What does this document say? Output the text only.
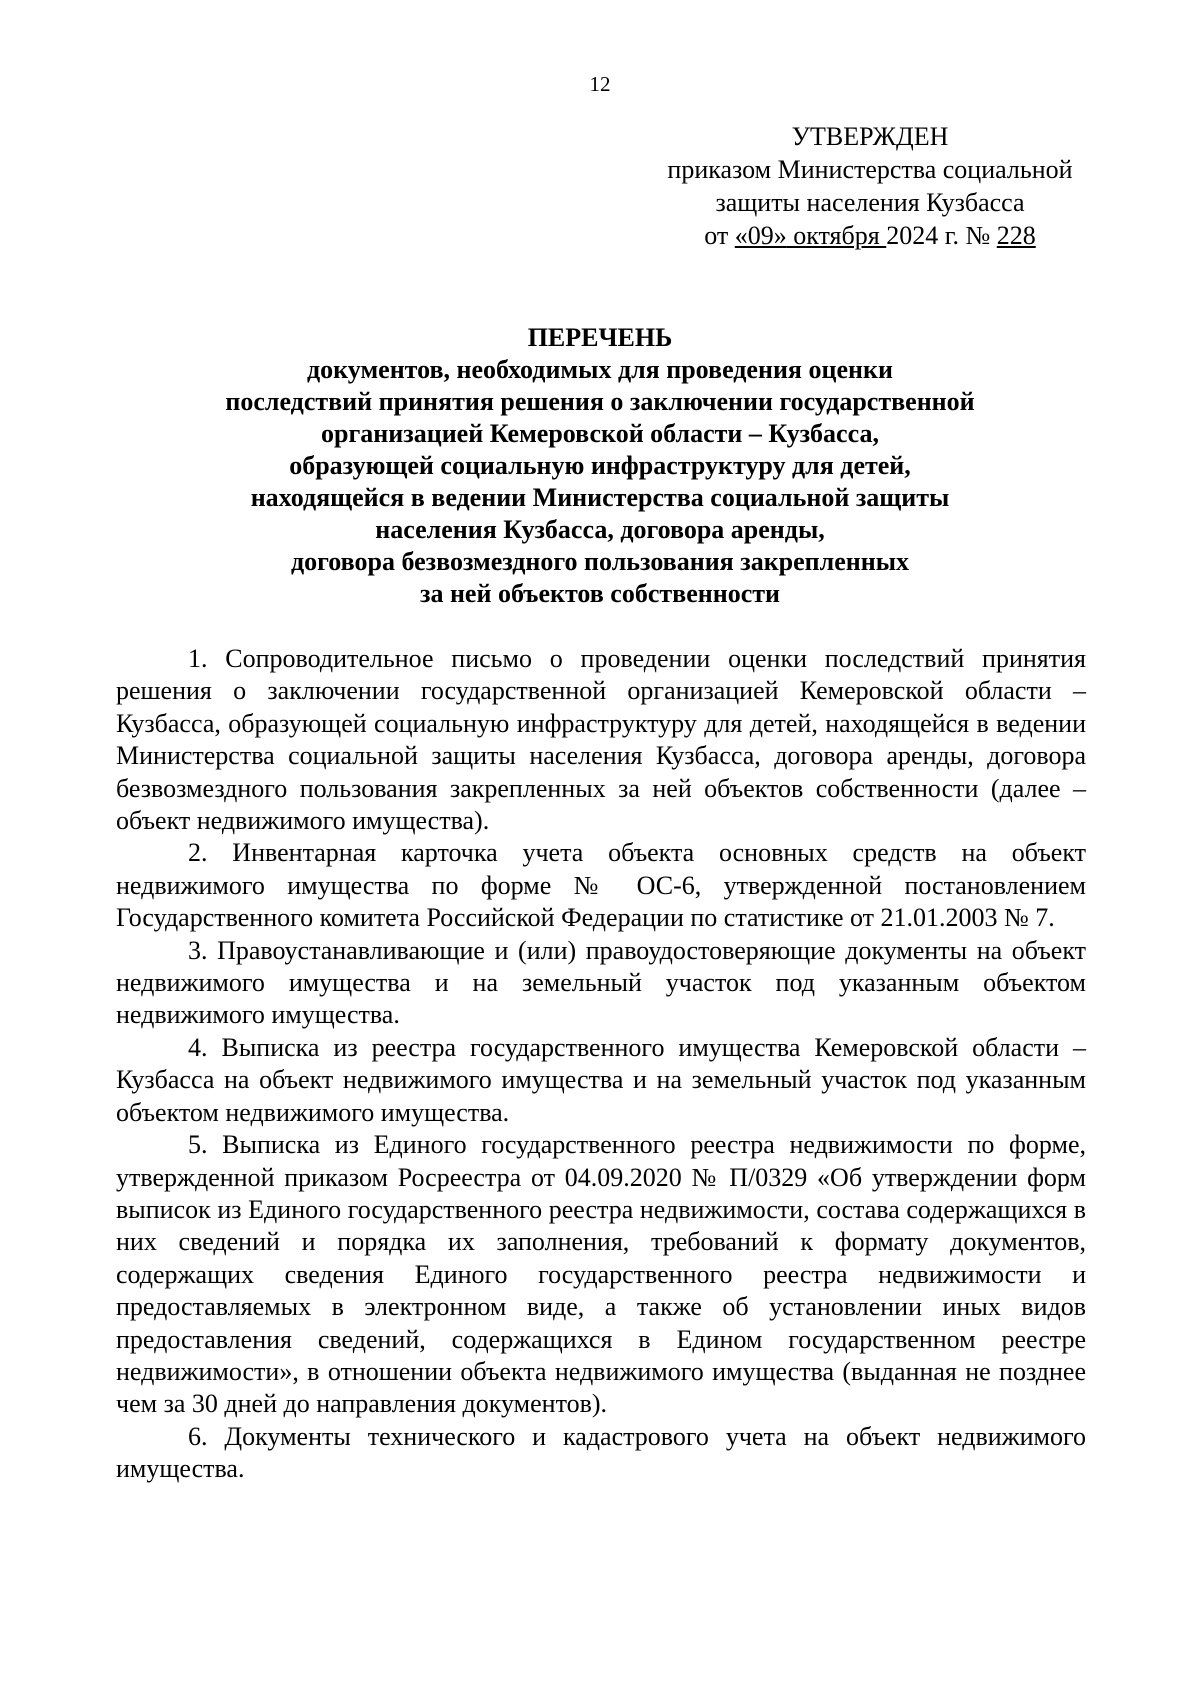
12
УТВЕРЖДЕН
приказом Министерства социальной
защиты населения Кузбасса
от «09» октября 2024 г. № 228
ПЕРЕЧЕНЬ
документов, необходимых для проведения оценки
последствий принятия решения о заключении государственной
организацией Кемеровской области – Кузбасса,
образующей социальную инфраструктуру для детей,
находящейся в ведении Министерства социальной защиты
населения Кузбасса, договора аренды,
договора безвозмездного пользования закрепленных
за ней объектов собственности

1. Сопроводительное письмо о проведении оценки последствий принятия решения о заключении государственной организацией Кемеровской области – Кузбасса, образующей социальную инфраструктуру для детей, находящейся в ведении Министерства социальной защиты населения Кузбасса, договора аренды, договора безвозмездного пользования закрепленных за ней объектов собственности (далее – объект недвижимого имущества).

2. Инвентарная карточка учета объекта основных средств на объект недвижимого имущества по форме № ОС-6, утвержденной постановлением Государственного комитета Российской Федерации по статистике от 21.01.2003 № 7.

3. Правоустанавливающие и (или) правоудостоверяющие документы на объект недвижимого имущества и на земельный участок под указанным объектом недвижимого имущества.

4. Выписка из реестра государственного имущества Кемеровской области – Кузбасса на объект недвижимого имущества и на земельный участок под указанным объектом недвижимого имущества.

5. Выписка из Единого государственного реестра недвижимости по форме, утвержденной приказом Росреестра от 04.09.2020 № П/0329 «Об утверждении форм выписок из Единого государственного реестра недвижимости, состава содержащихся в них сведений и порядка их заполнения, требований к формату документов, содержащих сведения Единого государственного реестра недвижимости и предоставляемых в электронном виде, а также об установлении иных видов предоставления сведений, содержащихся в Едином государственном реестре недвижимости», в отношении объекта недвижимого имущества (выданная не позднее чем за 30 дней до направления документов).

6. Документы технического и кадастрового учета на объект недвижимого имущества.
